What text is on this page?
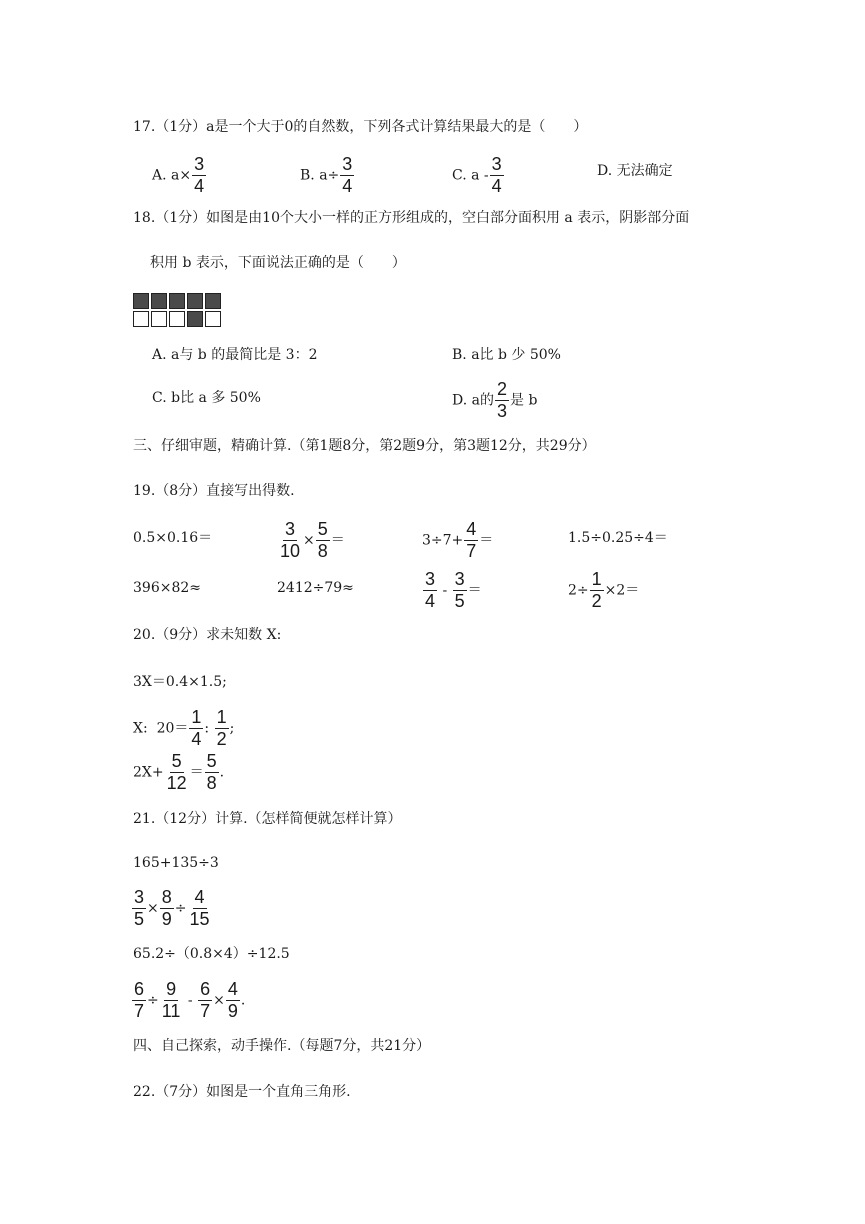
17.（1分）a是一个大于0的自然数，下列各式计算结果最大的是（　　）
A. $a\times \frac{3}{4}$	B. $a\div \frac{3}{4}$	C. a - $\frac{3}{4}$	D. 无法确定
18.（1分）如图是由10个大小一样的正方形组成的，空白部分面积用 a 表示，阴影部分面
积用 b 表示，下面说法正确的是（　　）
A. a与 b 的最简比是 3：2	B. a比 b 少 50%
C. b比 a 多 50%	D. a的 $\frac{2}{3}$ 是 b
三、仔细审题，精确计算.（第1题8分，第2题9分，第3题12分，共29分）
19.（8分）直接写出得数.
0.5×0.16＝	$\frac{3}{10} \times \frac{5}{8}$ ＝	$3\div 7+ \frac{4}{7}$ ＝	1.5÷0.25÷4＝
396×82≈	2412÷79≈	$\frac{3}{4} - \frac{3}{5}$ ＝	$2\div \frac{1}{2} \times 2=$
20.（9分）求未知数 X:
3X＝0.4×1.5;
X:  $20= \frac{1}{4}$ : $\frac{1}{2}$ ;
$2X+ \frac{5}{12} = \frac{5}{8}$ .
21.（12分）计算.（怎样简便就怎样计算）
165+135÷3
$\frac{3}{5} \times \frac{8}{9} \div \frac{4}{15}$
65.2÷（0.8×4）÷12.5
$\frac{6}{7} \div \frac{9}{11} - \frac{6}{7} \times \frac{4}{9}$ .
四、自己探索，动手操作.（每题7分，共21分）
22.（7分）如图是一个直角三角形.
